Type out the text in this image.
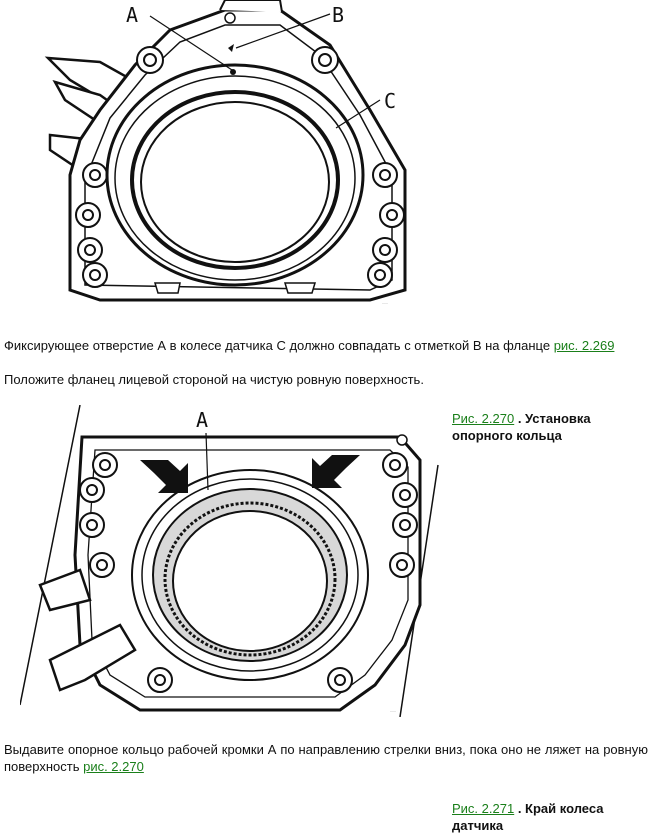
A	B
C
···
Фиксирующее отверстие А в колесе датчика С должно совпадать с отметкой В на фланце рис. 2.269
Положите фланец лицевой стороной на чистую ровную поверхность.
A
···
Рис. 2.270 . Установка опорного кольца
Выдавите опорное кольцо рабочей кромки А по направлению стрелки вниз, пока оно не ляжет на ровную поверхность рис. 2.270
Рис. 2.271 . Край колеса датчика
